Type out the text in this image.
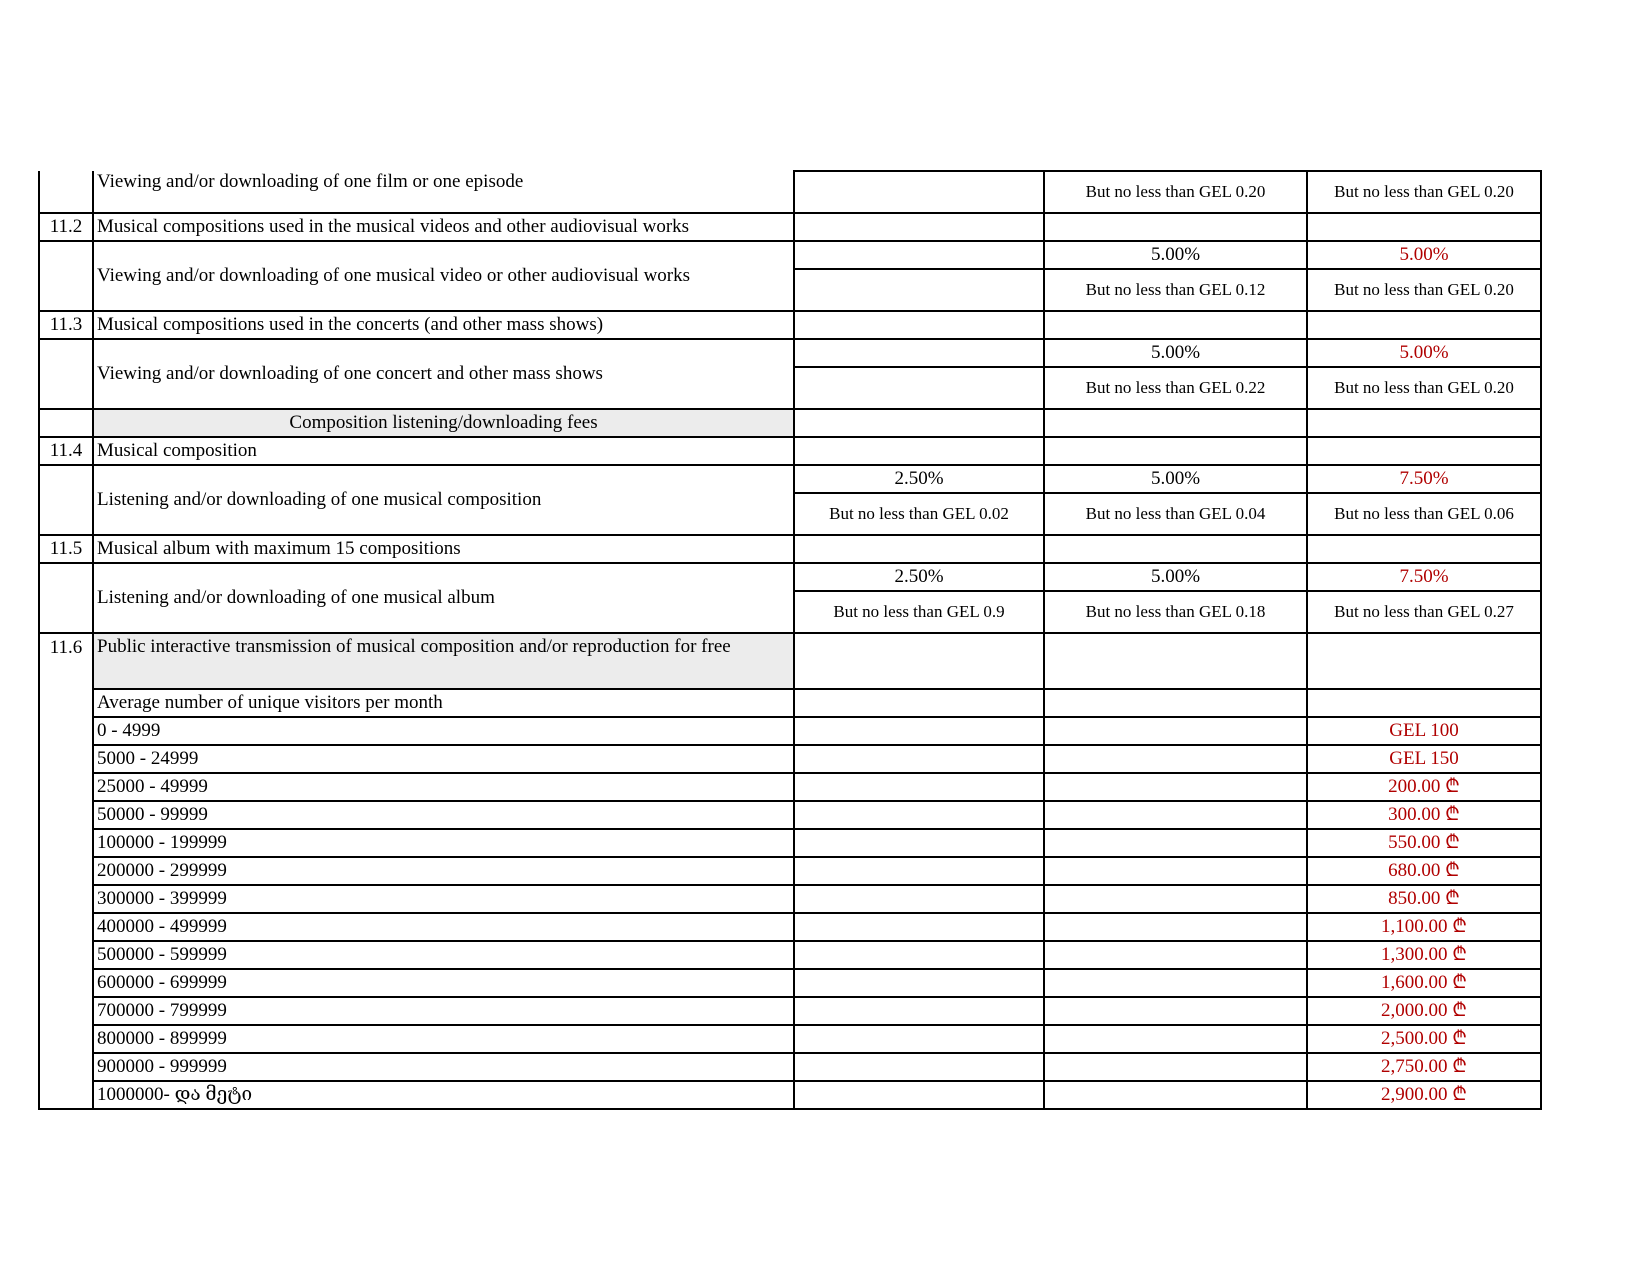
	Viewing and/or downloading of one film or one episode		But no less than GEL 0.20	But no less than GEL 0.20
11.2	Musical compositions used in the musical videos and other audiovisual works			
	Viewing and/or downloading of one musical video or other audiovisual works		5.00%	5.00%
			But no less than GEL 0.12	But no less than GEL 0.20
11.3	Musical compositions used in the concerts (and other mass shows)			
	Viewing and/or downloading of one concert and other mass shows		5.00%	5.00%
			But no less than GEL 0.22	But no less than GEL 0.20
	Composition listening/downloading fees			
11.4	Musical composition			
	Listening and/or downloading of one musical composition	2.50%	5.00%	7.50%
		But no less than GEL 0.02	But no less than GEL 0.04	But no less than GEL 0.06
11.5	Musical album with maximum 15 compositions			
	Listening and/or downloading of one musical album	2.50%	5.00%	7.50%
		But no less than GEL 0.9	But no less than GEL 0.18	But no less than GEL 0.27
11.6	Public interactive transmission of musical composition and/or reproduction for free			
	Average number of unique visitors per month			
	0 - 4999			GEL 100
	5000 - 24999			GEL 150
	25000 - 49999			200.00 ₾
	50000 - 99999			300.00 ₾
	100000 - 199999			550.00 ₾
	200000 - 299999			680.00 ₾
	300000 - 399999			850.00 ₾
	400000 - 499999			1,100.00 ₾
	500000 - 599999			1,300.00 ₾
	600000 - 699999			1,600.00 ₾
	700000 - 799999			2,000.00 ₾
	800000 - 899999			2,500.00 ₾
	900000 - 999999			2,750.00 ₾
	1000000- და მეტი			2,900.00 ₾
